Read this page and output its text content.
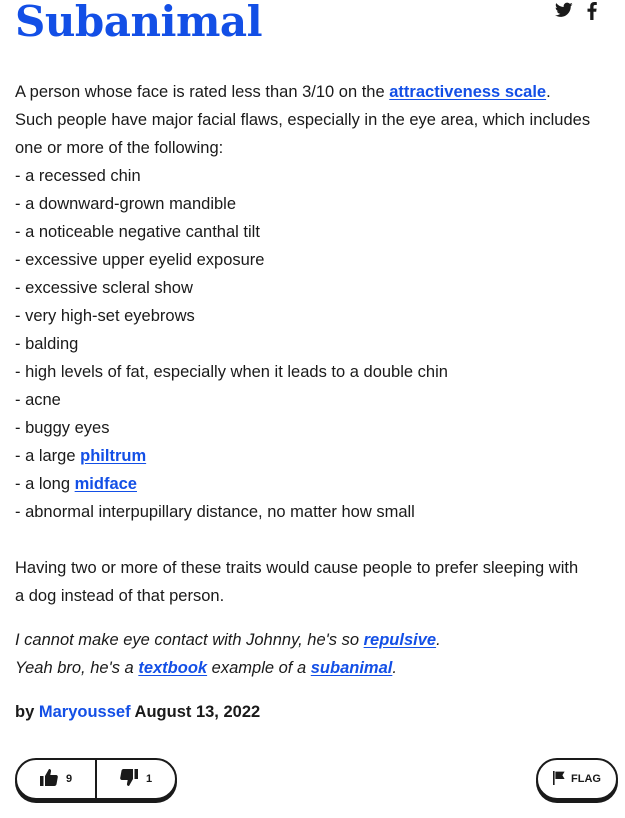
Subanimal
A person whose face is rated less than 3/10 on the attractiveness scale.
Such people have major facial flaws, especially in the eye area, which includes
one or more of the following:
- a recessed chin
- a downward-grown mandible
- a noticeable negative canthal tilt
- excessive upper eyelid exposure
- excessive scleral show
- very high-set eyebrows
- balding
- high levels of fat, especially when it leads to a double chin
- acne
- buggy eyes
- a large philtrum
- a long midface
- abnormal interpupillary distance, no matter how small
Having two or more of these traits would cause people to prefer sleeping with
a dog instead of that person.
I cannot make eye contact with Johnny, he's so repulsive.
Yeah bro, he's a textbook example of a subanimal.
by Maryoussef August 13, 2022
9	1	FLAG
